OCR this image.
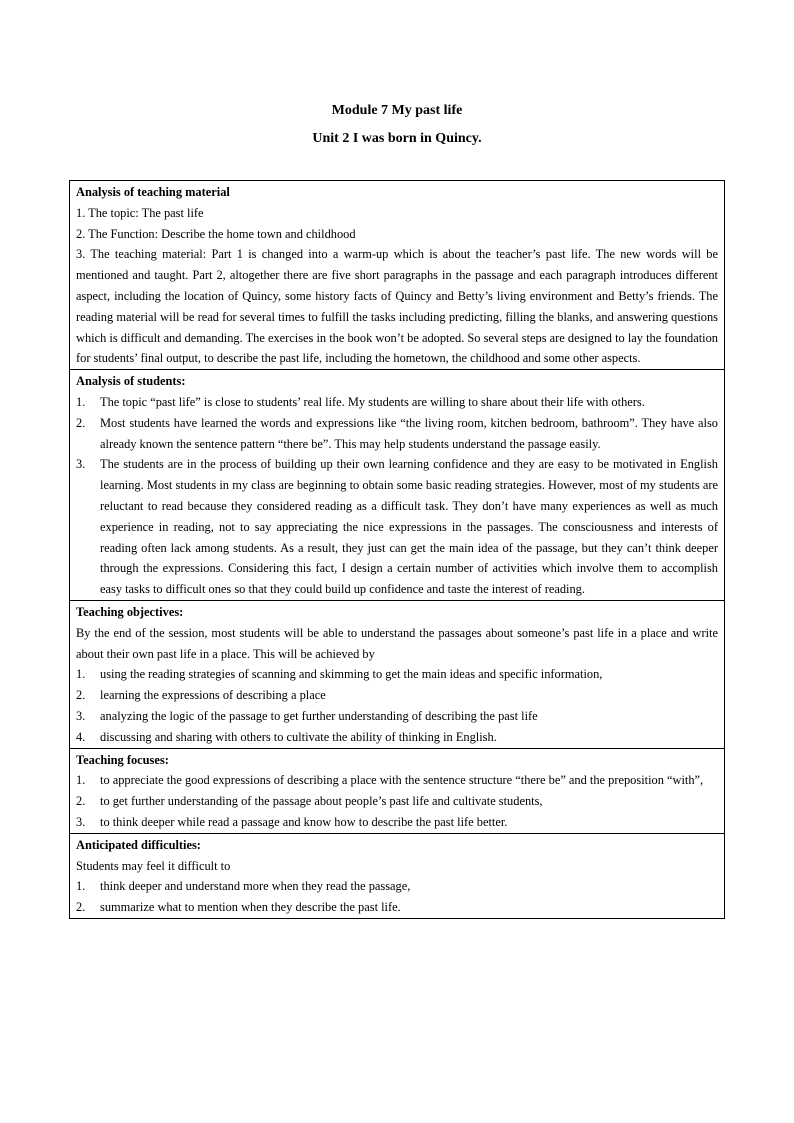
Module 7 My past life
Unit 2 I was born in Quincy.
Analysis of teaching material
1. The topic: The past life
2. The Function: Describe the home town and childhood
3. The teaching material: Part 1 is changed into a warm-up which is about the teacher’s past life. The new words will be mentioned and taught. Part 2, altogether there are five short paragraphs in the passage and each paragraph introduces different aspect, including the location of Quincy, some history facts of Quincy and Betty’s living environment and Betty’s friends. The reading material will be read for several times to fulfill the tasks including predicting, filling the blanks, and answering questions which is difficult and demanding. The exercises in the book won’t be adopted. So several steps are designed to lay the foundation for students’ final output, to describe the past life, including the hometown, the childhood and some other aspects.

Analysis of students:
1. The topic “past life” is close to students’ real life. My students are willing to share about their life with others.
2. Most students have learned the words and expressions like “the living room, kitchen bedroom, bathroom”. They have also already known the sentence pattern “there be”. This may help students understand the passage easily.
3. The students are in the process of building up their own learning confidence and they are easy to be motivated in English learning. Most students in my class are beginning to obtain some basic reading strategies. However, most of my students are reluctant to read because they considered reading as a difficult task. They don’t have many experiences as well as much experience in reading, not to say appreciating the nice expressions in the passages. The consciousness and interests of reading often lack among students. As a result, they just can get the main idea of the passage, but they can’t think deeper through the expressions. Considering this fact, I design a certain number of activities which involve them to accomplish easy tasks to difficult ones so that they could build up confidence and taste the interest of reading.

Teaching objectives:
By the end of the session, most students will be able to understand the passages about someone’s past life in a place and write about their own past life in a place. This will be achieved by
1. using the reading strategies of scanning and skimming to get the main ideas and specific information,
2. learning the expressions of describing a place
3. analyzing the logic of the passage to get further understanding of describing the past life
4. discussing and sharing with others to cultivate the ability of thinking in English.

Teaching focuses:
1. to appreciate the good expressions of describing a place with the sentence structure “there be” and the preposition “with”,
2. to get further understanding of the passage about people’s past life and cultivate students,
3. to think deeper while read a passage and know how to describe the past life better.

Anticipated difficulties:
Students may feel it difficult to
1. think deeper and understand more when they read the passage,
2. summarize what to mention when they describe the past life.
